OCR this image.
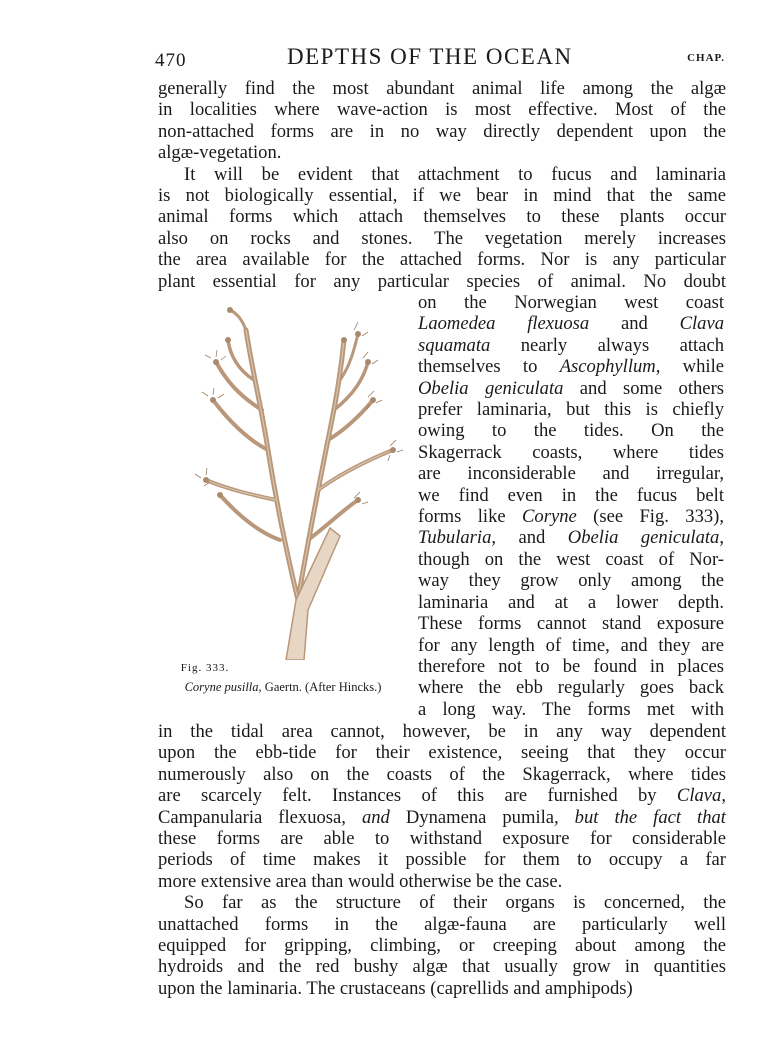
470	DEPTHS OF THE OCEAN	CHAP.
generally find the most abundant animal life among the algæ
in localities where wave-action is most effective. Most of the
non-attached forms are in no way directly dependent upon the
algæ-vegetation.
It will be evident that attachment to fucus and laminaria
is not biologically essential, if we bear in mind that the same
animal forms which attach themselves to these plants occur
also on rocks and stones. The vegetation merely increases
the area available for the attached forms. Nor is any particular
plant essential for any particular species of animal. No doubt
on the Norwegian west coast
Laomedea flexuosa and Clava
squamata nearly always attach
themselves to Ascophyllum, while
Obelia geniculata and some others
prefer laminaria, but this is chiefly
owing to the tides. On the
Skagerrack coasts, where tides
are inconsiderable and irregular,
we find even in the fucus belt
forms like Coryne (see Fig. 333),
Tubularia, and Obelia geniculata,
though on the west coast of Nor-
way they grow only among the
laminaria and at a lower depth.
These forms cannot stand exposure
for any length of time, and they are
therefore not to be found in places
where the ebb regularly goes back
a long way. The forms met with
Fig. 333.
Coryne pusilla, Gaertn. (After Hincks.)
in the tidal area cannot, however, be in any way dependent
upon the ebb-tide for their existence, seeing that they occur
numerously also on the coasts of the Skagerrack, where tides
are scarcely felt. Instances of this are furnished by Clava,
Campanularia flexuosa, and Dynamena pumila, but the fact that
these forms are able to withstand exposure for considerable
periods of time makes it possible for them to occupy a far
more extensive area than would otherwise be the case.
So far as the structure of their organs is concerned, the
unattached forms in the algæ-fauna are particularly well
equipped for gripping, climbing, or creeping about among the
hydroids and the red bushy algæ that usually grow in quantities
upon the laminaria. The crustaceans (caprellids and amphipods)
